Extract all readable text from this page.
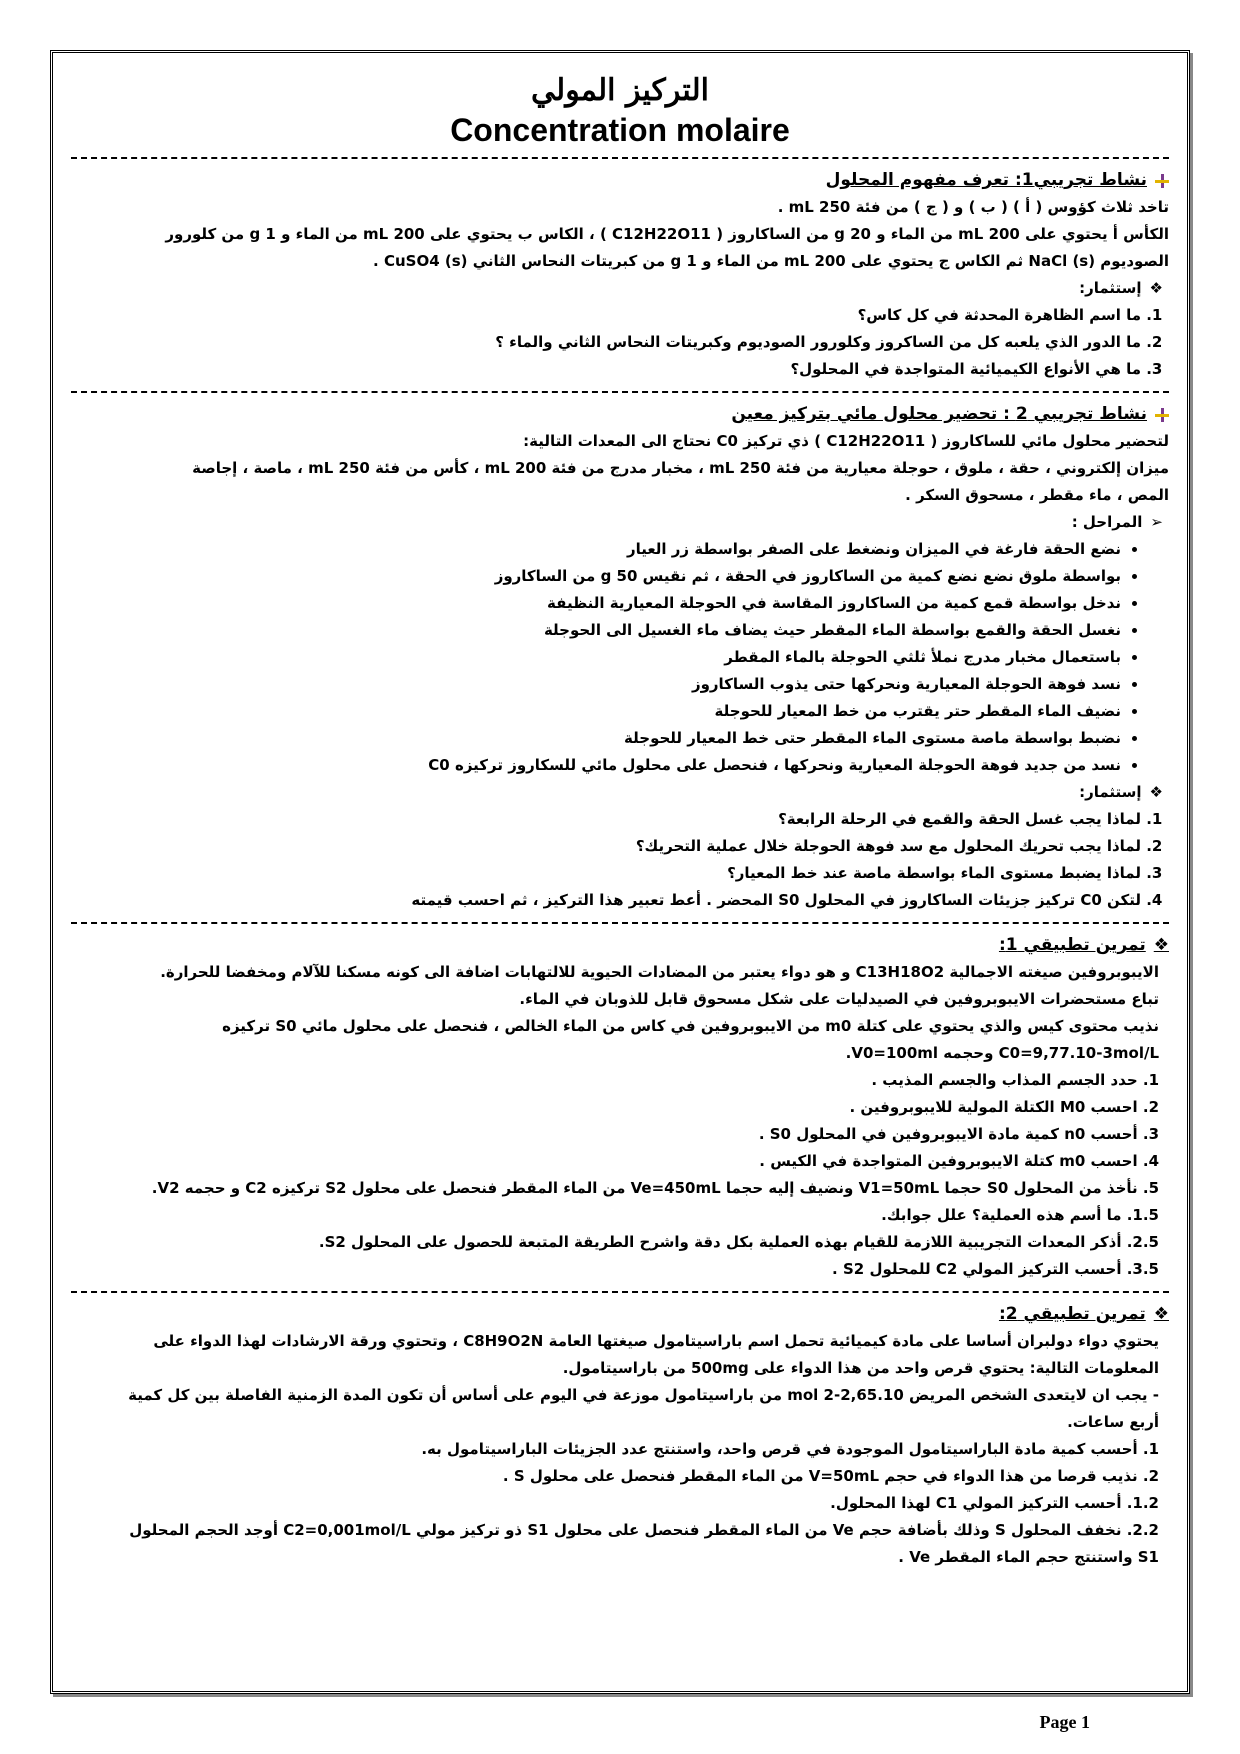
التركيز المولي
Concentration molaire
نشاط تجريبي1: تعرف مفهوم المحلول

تاخد ثلاث كؤوس ( أ ) ( ب ) و ( ج ) من فئة 250 mL .

الكأس أ يحتوي على 200 mL من الماء و 20 g من الساكاروز ( C12H22O11 ) ، الكاس ب يحتوي على 200 mL من الماء و 1 g من كلورور

الصوديوم NaCl (s) ثم الكاس ج يحتوي على 200 mL من الماء و 1 g من كبريتات النحاس الثاني CuSO4 (s) .

❖
إستثمار:
1. ما اسم الظاهرة المحدثة في كل كاس؟
2. ما الدور الذي يلعبه كل من الساكروز وكلورور الصوديوم وكبريتات النحاس الثاني والماء ؟
3. ما هي الأنواع الكيميائية المتواجدة في المحلول؟
نشاط تجريبي 2 : تحضير محلول مائي بتركيز معين

لتحضير محلول مائي للساكاروز ( C12H22O11 ) ذي تركيز C0 نحتاج الى المعدات التالية:

ميزان إلكتروني ، حقة ، ملوق ، حوجلة معيارية من فئة 250 mL ، مخبار مدرج من فئة 200 mL ، كأس من فئة 250 mL ، ماصة ، إجاصة

المص ، ماء مقطر ، مسحوق السكر .

➢
المراحل :
• نضع الحقة فارغة في الميزان ونضغط على الصفر بواسطة زر العيار
• بواسطة ملوق نضع نضع كمية من الساكاروز في الحقة ، ثم نقيس 50 g من الساكاروز
• ندخل بواسطة قمع كمية من الساكاروز المقاسة في الحوجلة المعيارية النظيفة
• نغسل الحقة والقمع بواسطة الماء المقطر حيث يضاف ماء الغسيل الى الحوجلة
• باستعمال مخبار مدرج نملأ ثلثي الحوجلة بالماء المقطر
• نسد فوهة الحوجلة المعيارية ونحركها حتى يذوب الساكاروز
• نضيف الماء المقطر حتر يقترب من خط المعيار للحوجلة
• نضبط بواسطة ماصة مستوى الماء المقطر حتى خط المعيار للحوجلة
• نسد من جديد فوهة الحوجلة المعيارية ونحركها ، فنحصل على محلول مائي للسكاروز تركيزه C0
❖
إستثمار:
1. لماذا يجب غسل الحقة والقمع في الرحلة الرابعة؟
2. لماذا يجب تحريك المحلول مع سد فوهة الحوجلة خلال عملية التحريك؟
3. لماذا يضبط مستوى الماء بواسطة ماصة عند خط المعيار؟
4. لتكن C0 تركيز جزيئات الساكاروز في المحلول S0 المحضر . أعط تعبير هذا التركيز ، ثم احسب قيمته
❖
تمرين تطبيقي 1:

الايبوبروفين صيغته الاجمالية C13H18O2 و هو دواء يعتبر من المضادات الحيوية للالتهابات اضافة الى كونه مسكنا للآلام ومخفضا للحرارة.

تباع مستحضرات الايبوبروفين في الصيدليات على شكل مسحوق قابل للذوبان في الماء.

نذيب محتوى كيس والذي يحتوي على كتلة m0 من الايبوبروفين في كاس من الماء الخالص ، فنحصل على محلول مائي S0 تركيزه

C0=9,77.10-3mol/L وحجمه V0=100ml.

1. حدد الجسم المذاب والجسم المذيب .

2. احسب M0 الكتلة المولية للايبوبروفين .

3. أحسب n0 كمية مادة الايبوبروفين في المحلول S0 .

4. احسب m0 كتلة الايبوبروفين المتواجدة في الكيس .

5. نأخذ من المحلول S0 حجما V1=50mL ونضيف إليه حجما Ve=450mL من الماء المقطر فنحصل على محلول S2 تركيزه C2 و حجمه V2.

1.5. ما أسم هذه العملية؟ علل جوابك.

2.5. أذكر المعدات التجريبية اللازمة للقيام بهذه العملية بكل دقة واشرح الطريقة المتبعة للحصول على المحلول S2.

3.5. أحسب التركيز المولي C2 للمحلول S2 .

❖
تمرين تطبيقي 2:

يحتوي دواء دولبران أساسا على مادة كيميائية تحمل اسم باراسيتامول صيغتها العامة C8H9O2N ، وتحتوي ورقة الارشادات لهذا الدواء على

المعلومات التالية: يحتوي قرص واحد من هذا الدواء على 500mg من باراسيتامول.

- يجب ان لايتعدى الشخص المريض 2,65.10-2 mol من باراسيتامول موزعة في اليوم على أساس أن تكون المدة الزمنية الفاصلة بين كل كمية

أربع ساعات.

1. أحسب كمية مادة الباراسيتامول الموجودة في قرص واحد، واستنتج عدد الجزيئات الباراسيتامول به.

2. نذيب قرصا من هذا الدواء في حجم V=50mL من الماء المقطر فنحصل على محلول S .

1.2. أحسب التركيز المولي C1 لهذا المحلول.

2.2. نخفف المحلول S وذلك بأضافة حجم Ve من الماء المقطر فنحصل على محلول S1 ذو تركيز مولي C2=0,001mol/L أوجد الحجم المحلول

S1 واستنتج حجم الماء المقطر Ve .

Page 1
